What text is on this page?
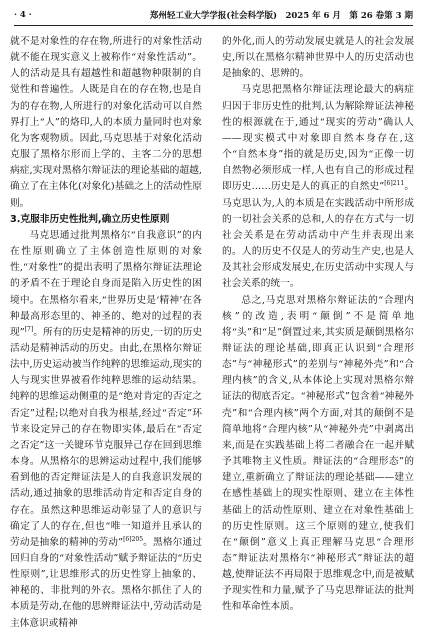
· 4 ·	郑州轻工业大学学报(社会科学版)　2025 年 6 月　第 26 卷第 3 期

就不是对象性的存在物,所进行的对象性活动就不能在现实意义上被称作“对象性活动”。人的活动是具有超越性和超越物种限制的自觉性和普遍性。人既是自在的存在物,也是自为的存在物,人所进行的对象化活动可以自然界打上“人”的烙印,人的本质力量同时也对象化为客观物质。因此,马克思基于对象化活动克服了黑格尔形而上学的、主客二分的思想病症,实现对黑格尔辩证法的理论基础的超越,确立了在主体化(对象化)基础之上的活动性原则。

3.克服非历史性批判,确立历史性原则

马克思通过批判黑格尔“自我意识”的内在性原则确立了主体创造性原则的对象性,“对象性”的提出表明了黑格尔辩证法理论的矛盾不在于理论自身而是陷入历史性的困境中。在黑格尔看来,“世界历史是‘精神’在各种最高形态里的、神圣的、绝对的过程的表现”[7]。所有的历史是精神的历史,一切的历史活动是精神活动的历史。由此,在黑格尔辩证法中,历史运动被当作纯粹的思维运动,现实的人与现实世界被看作纯粹思维的运动结果。纯粹的思维运动侧重的是“绝对肯定的否定之否定”过程;以绝对自我为根基,经过“否定”环节来设定异己的存在物即实体,最后在“否定之否定”这一关键环节克服异己存在回到思维本身。从黑格尔的思辨运动过程中,我们能够看到他的否定辩证法是人的自我意识发展的活动,通过抽象的思维活动肯定和否定自身的存在。虽然这种思维运动彰显了人的意识与确定了人的存在,但也“唯一知道并且承认的劳动是抽象的精神的劳动”$^{[6]205}$。黑格尔通过回归自身的“对象性活动”赋予辩证法的“历史性原则”,让思维形式的历史性穿上抽象的、神秘的、非批判的外衣。黑格尔抓住了人的本质是劳动,在他的思辨辩证法中,劳动活动是主体意识或精神

的外化,而人的劳动发展史就是人的社会发展史,所以在黑格尔精神世界中人的历史活动也是抽象的、思辨的。

马克思把黑格尔辩证法理论最大的病症归因于非历史性的批判,认为解除辩证法神秘性的根源就在于,通过“现实的劳动”确认人——现实模式中对象即自然本身存在,这个“自然本身”指的就是历史,因为“正像一切自然物必须形成一样,人也有自己的形成过程即历史……历史是人的真正的自然史”$^{[6]211}$。马克思认为,人的本质是在实践活动中所形成的一切社会关系的总和,人的存在方式与一切社会关系是在劳动活动中产生并表现出来的。人的历史不仅是人的劳动生产史,也是人及其社会形成发展史,在历史活动中实现人与社会关系的统一。

总之,马克思对黑格尔辩证法的“合理内核”的改造,表明“颠倒”不是简单地将“头”和“足”倒置过来,其实质是颠倒黑格尔辩证法的理论基础,即真正认识到“合理形态”与“神秘形式”的差别与“神秘外壳”和“合理内核”的含义,从本体论上实现对黑格尔辩证法的彻底否定。“神秘形式”包含着“神秘外壳”和“合理内核”两个方面,对其的颠倒不是简单地将“合理内核”从“神秘外壳”中剥离出来,而是在实践基础上将二者融合在一起并赋予其唯物主义性质。辩证法的“合理形态”的建立,重新确立了辩证法的理论基础——建立在感性基础上的现实性原则、建立在主体性基础上的活动性原则、建立在对象性基础上的历史性原则。这三个原则的建立,使我们在“颠倒”意义上真正理解马克思“合理形态”辩证法对黑格尔“神秘形式”辩证法的超越,使辩证法不再局限于思维观念中,而是被赋予现实性和力量,赋予了马克思辩证法的批判性和革命性本质。
